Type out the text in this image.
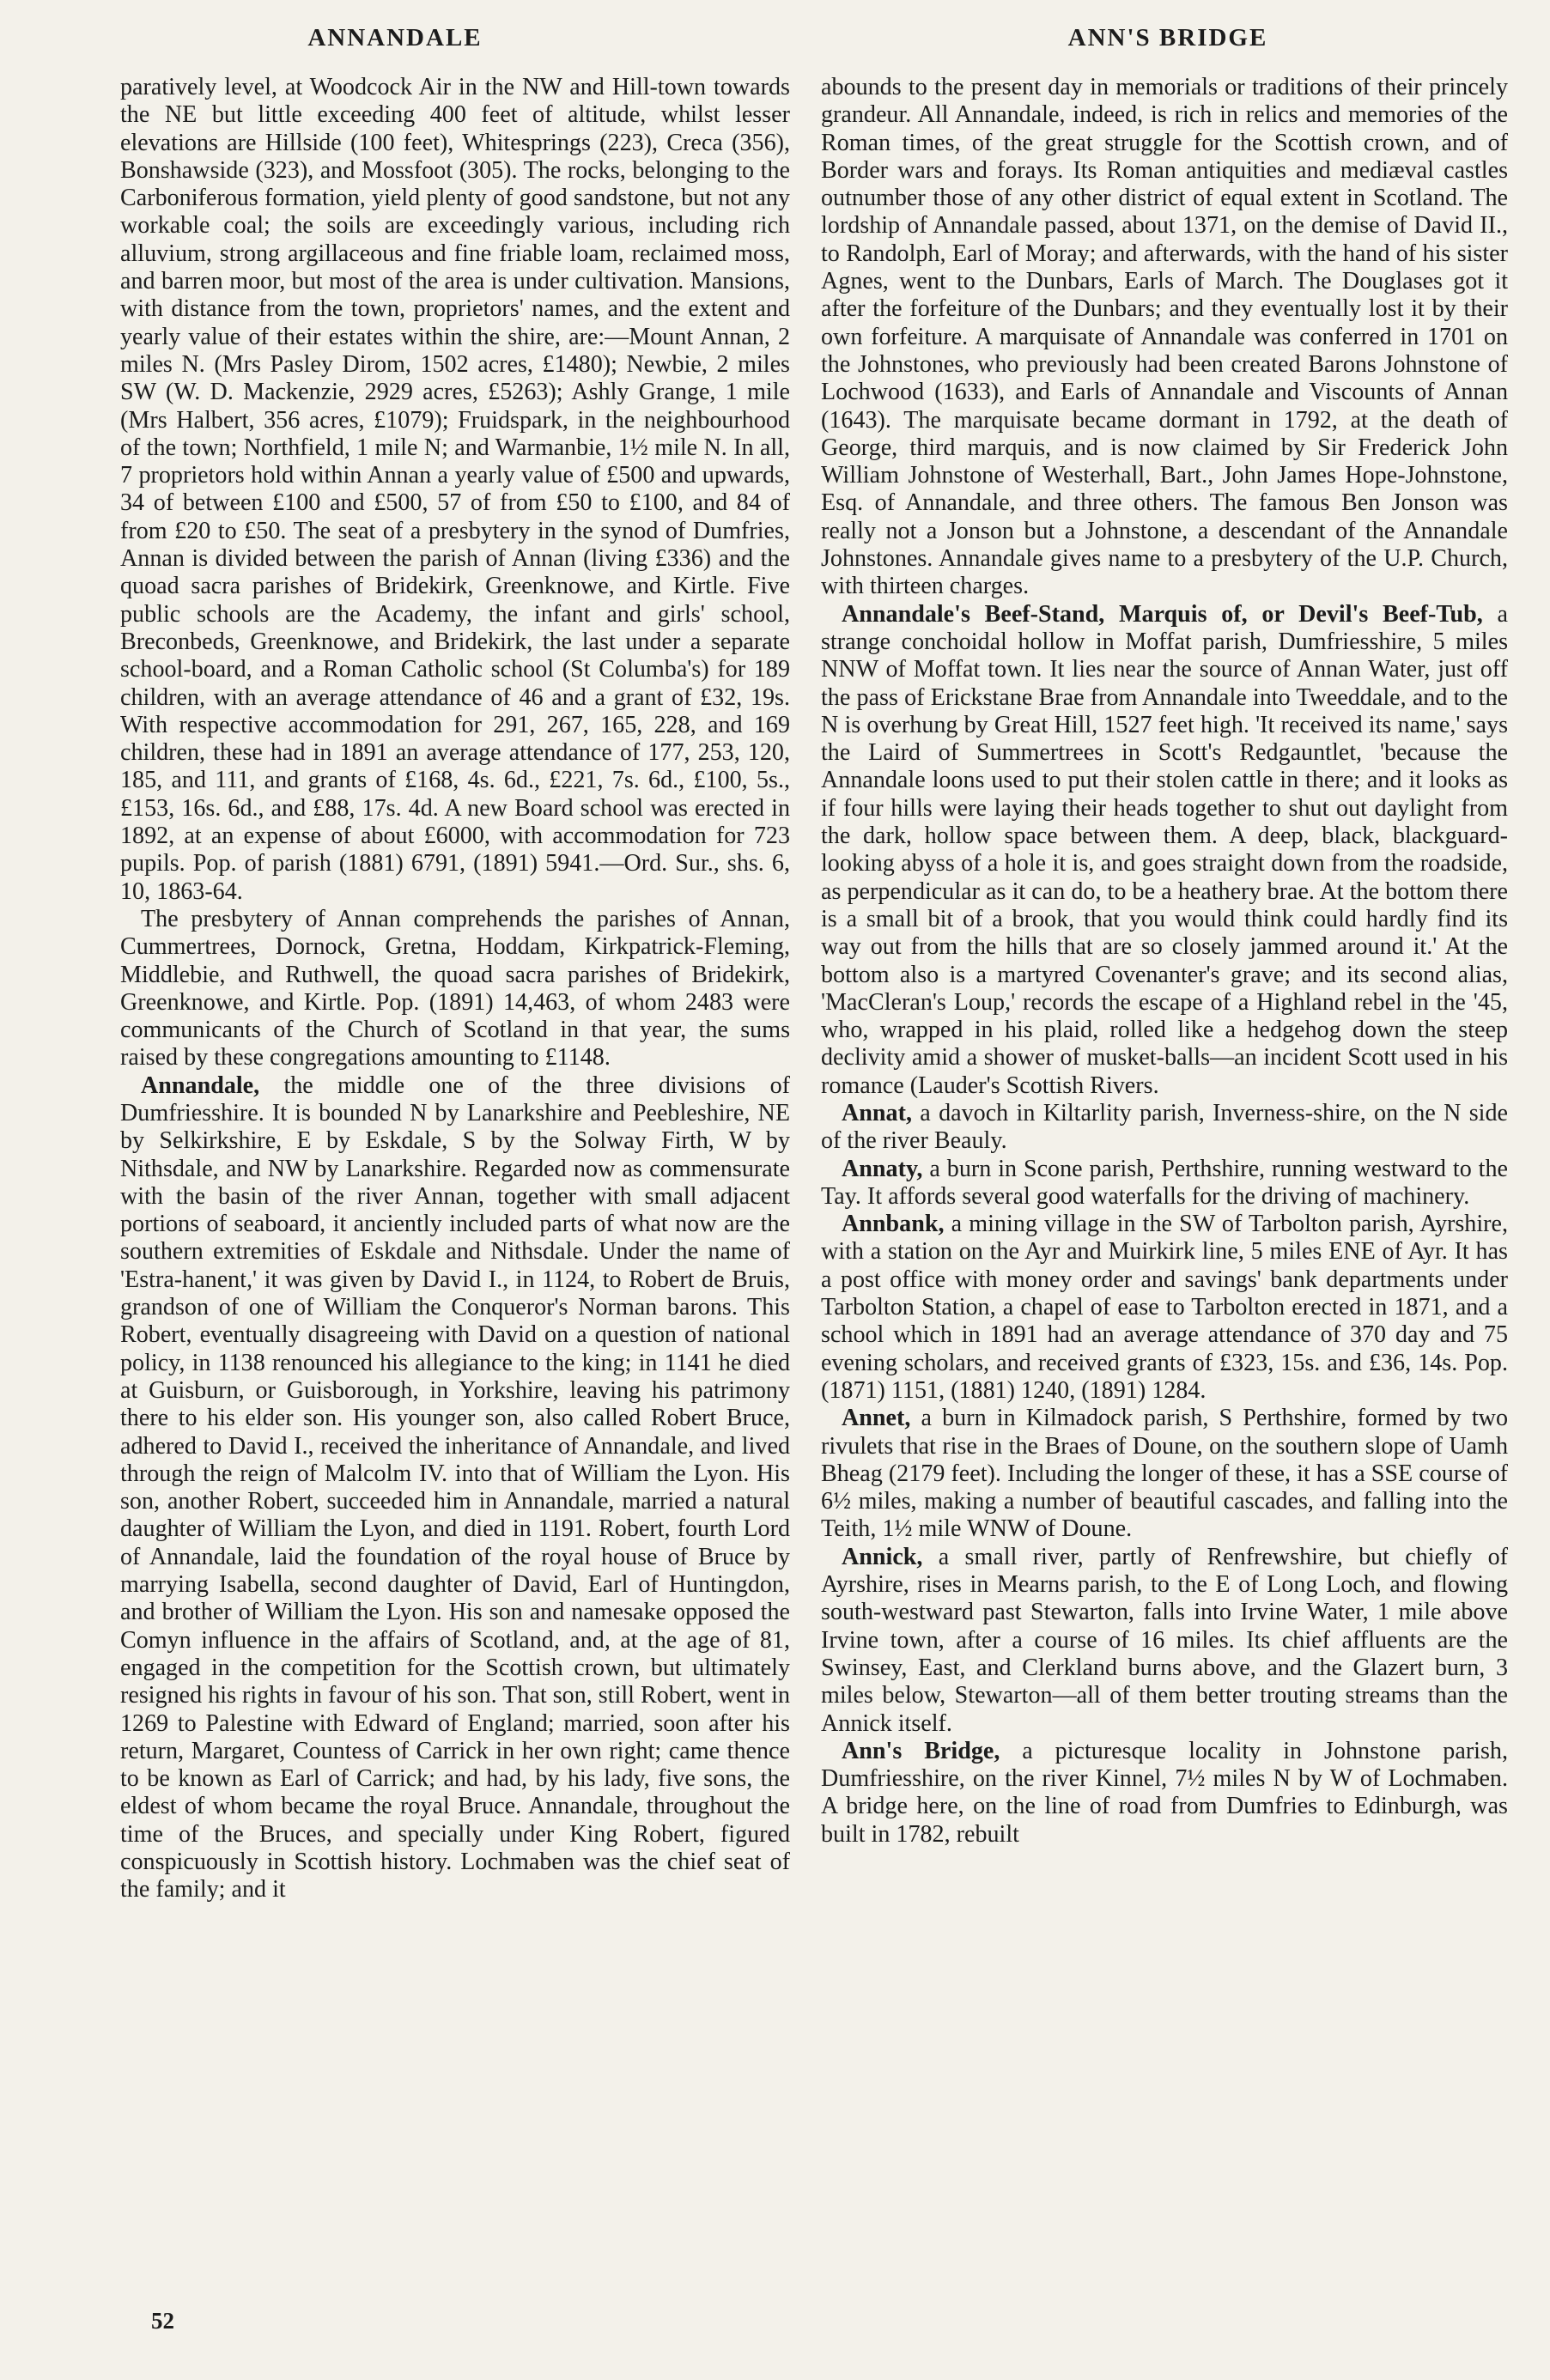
ANNANDALE	ANN'S BRIDGE

paratively level, at Woodcock Air in the NW and Hill-town towards the NE but little exceeding 400 feet of altitude, whilst lesser elevations are Hillside (100 feet), Whitesprings (223), Creca (356), Bonshawside (323), and Mossfoot (305). The rocks, belonging to the Carboniferous formation, yield plenty of good sandstone, but not any workable coal; the soils are exceedingly various, including rich alluvium, strong argillaceous and fine friable loam, reclaimed moss, and barren moor, but most of the area is under cultivation. Mansions, with distance from the town, proprietors' names, and the extent and yearly value of their estates within the shire, are:—Mount Annan, 2 miles N. (Mrs Pasley Dirom, 1502 acres, £1480); Newbie, 2 miles SW (W. D. Mackenzie, 2929 acres, £5263); Ashly Grange, 1 mile (Mrs Halbert, 356 acres, £1079); Fruidspark, in the neighbourhood of the town; Northfield, 1 mile N; and Warmanbie, 1½ mile N. In all, 7 proprietors hold within Annan a yearly value of £500 and upwards, 34 of between £100 and £500, 57 of from £50 to £100, and 84 of from £20 to £50. The seat of a presbytery in the synod of Dumfries, Annan is divided between the parish of Annan (living £336) and the quoad sacra parishes of Bridekirk, Greenknowe, and Kirtle. Five public schools are the Academy, the infant and girls' school, Breconbeds, Greenknowe, and Bridekirk, the last under a separate school-board, and a Roman Catholic school (St Columba's) for 189 children, with an average attendance of 46 and a grant of £32, 19s. With respective accommodation for 291, 267, 165, 228, and 169 children, these had in 1891 an average attendance of 177, 253, 120, 185, and 111, and grants of £168, 4s. 6d., £221, 7s. 6d., £100, 5s., £153, 16s. 6d., and £88, 17s. 4d. A new Board school was erected in 1892, at an expense of about £6000, with accommodation for 723 pupils. Pop. of parish (1881) 6791, (1891) 5941.—Ord. Sur., shs. 6, 10, 1863-64.

The presbytery of Annan comprehends the parishes of Annan, Cummertrees, Dornock, Gretna, Hoddam, Kirkpatrick-Fleming, Middlebie, and Ruthwell, the quoad sacra parishes of Bridekirk, Greenknowe, and Kirtle. Pop. (1891) 14,463, of whom 2483 were communicants of the Church of Scotland in that year, the sums raised by these congregations amounting to £1148.

Annandale, the middle one of the three divisions of Dumfriesshire. It is bounded N by Lanarkshire and Peebleshire, NE by Selkirkshire, E by Eskdale, S by the Solway Firth, W by Nithsdale, and NW by Lanarkshire. Regarded now as commensurate with the basin of the river Annan, together with small adjacent portions of seaboard, it anciently included parts of what now are the southern extremities of Eskdale and Nithsdale. Under the name of 'Estra-hanent,' it was given by David I., in 1124, to Robert de Bruis, grandson of one of William the Conqueror's Norman barons. This Robert, eventually disagreeing with David on a question of national policy, in 1138 renounced his allegiance to the king; in 1141 he died at Guisburn, or Guisborough, in Yorkshire, leaving his patrimony there to his elder son. His younger son, also called Robert Bruce, adhered to David I., received the inheritance of Annandale, and lived through the reign of Malcolm IV. into that of William the Lyon. His son, another Robert, succeeded him in Annandale, married a natural daughter of William the Lyon, and died in 1191. Robert, fourth Lord of Annandale, laid the foundation of the royal house of Bruce by marrying Isabella, second daughter of David, Earl of Huntingdon, and brother of William the Lyon. His son and namesake opposed the Comyn influence in the affairs of Scotland, and, at the age of 81, engaged in the competition for the Scottish crown, but ultimately resigned his rights in favour of his son. That son, still Robert, went in 1269 to Palestine with Edward of England; married, soon after his return, Margaret, Countess of Carrick in her own right; came thence to be known as Earl of Carrick; and had, by his lady, five sons, the eldest of whom became the royal Bruce. Annandale, throughout the time of the Bruces, and specially under King Robert, figured conspicuously in Scottish history. Lochmaben was the chief seat of the family; and it

abounds to the present day in memorials or traditions of their princely grandeur. All Annandale, indeed, is rich in relics and memories of the Roman times, of the great struggle for the Scottish crown, and of Border wars and forays. Its Roman antiquities and mediæval castles outnumber those of any other district of equal extent in Scotland. The lordship of Annandale passed, about 1371, on the demise of David II., to Randolph, Earl of Moray; and afterwards, with the hand of his sister Agnes, went to the Dunbars, Earls of March. The Douglases got it after the forfeiture of the Dunbars; and they eventually lost it by their own forfeiture. A marquisate of Annandale was conferred in 1701 on the Johnstones, who previously had been created Barons Johnstone of Lochwood (1633), and Earls of Annandale and Viscounts of Annan (1643). The marquisate became dormant in 1792, at the death of George, third marquis, and is now claimed by Sir Frederick John William Johnstone of Westerhall, Bart., John James Hope-Johnstone, Esq. of Annandale, and three others. The famous Ben Jonson was really not a Jonson but a Johnstone, a descendant of the Annandale Johnstones. Annandale gives name to a presbytery of the U.P. Church, with thirteen charges.

Annandale's Beef-Stand, Marquis of, or Devil's Beef-Tub, a strange conchoidal hollow in Moffat parish, Dumfriesshire, 5 miles NNW of Moffat town. It lies near the source of Annan Water, just off the pass of Erickstane Brae from Annandale into Tweeddale, and to the N is overhung by Great Hill, 1527 feet high. 'It received its name,' says the Laird of Summertrees in Scott's Redgauntlet, 'because the Annandale loons used to put their stolen cattle in there; and it looks as if four hills were laying their heads together to shut out daylight from the dark, hollow space between them. A deep, black, blackguard-looking abyss of a hole it is, and goes straight down from the roadside, as perpendicular as it can do, to be a heathery brae. At the bottom there is a small bit of a brook, that you would think could hardly find its way out from the hills that are so closely jammed around it.' At the bottom also is a martyred Covenanter's grave; and its second alias, 'MacCleran's Loup,' records the escape of a Highland rebel in the '45, who, wrapped in his plaid, rolled like a hedgehog down the steep declivity amid a shower of musket-balls—an incident Scott used in his romance (Lauder's Scottish Rivers.

Annat, a davoch in Kiltarlity parish, Inverness-shire, on the N side of the river Beauly.

Annaty, a burn in Scone parish, Perthshire, running westward to the Tay. It affords several good waterfalls for the driving of machinery.

Annbank, a mining village in the SW of Tarbolton parish, Ayrshire, with a station on the Ayr and Muirkirk line, 5 miles ENE of Ayr. It has a post office with money order and savings' bank departments under Tarbolton Station, a chapel of ease to Tarbolton erected in 1871, and a school which in 1891 had an average attendance of 370 day and 75 evening scholars, and received grants of £323, 15s. and £36, 14s. Pop. (1871) 1151, (1881) 1240, (1891) 1284.

Annet, a burn in Kilmadock parish, S Perthshire, formed by two rivulets that rise in the Braes of Doune, on the southern slope of Uamh Bheag (2179 feet). Including the longer of these, it has a SSE course of 6½ miles, making a number of beautiful cascades, and falling into the Teith, 1½ mile WNW of Doune.

Annick, a small river, partly of Renfrewshire, but chiefly of Ayrshire, rises in Mearns parish, to the E of Long Loch, and flowing south-westward past Stewarton, falls into Irvine Water, 1 mile above Irvine town, after a course of 16 miles. Its chief affluents are the Swinsey, East, and Clerkland burns above, and the Glazert burn, 3 miles below, Stewarton—all of them better trouting streams than the Annick itself.

Ann's Bridge, a picturesque locality in Johnstone parish, Dumfriesshire, on the river Kinnel, 7½ miles N by W of Lochmaben. A bridge here, on the line of road from Dumfries to Edinburgh, was built in 1782, rebuilt

52
